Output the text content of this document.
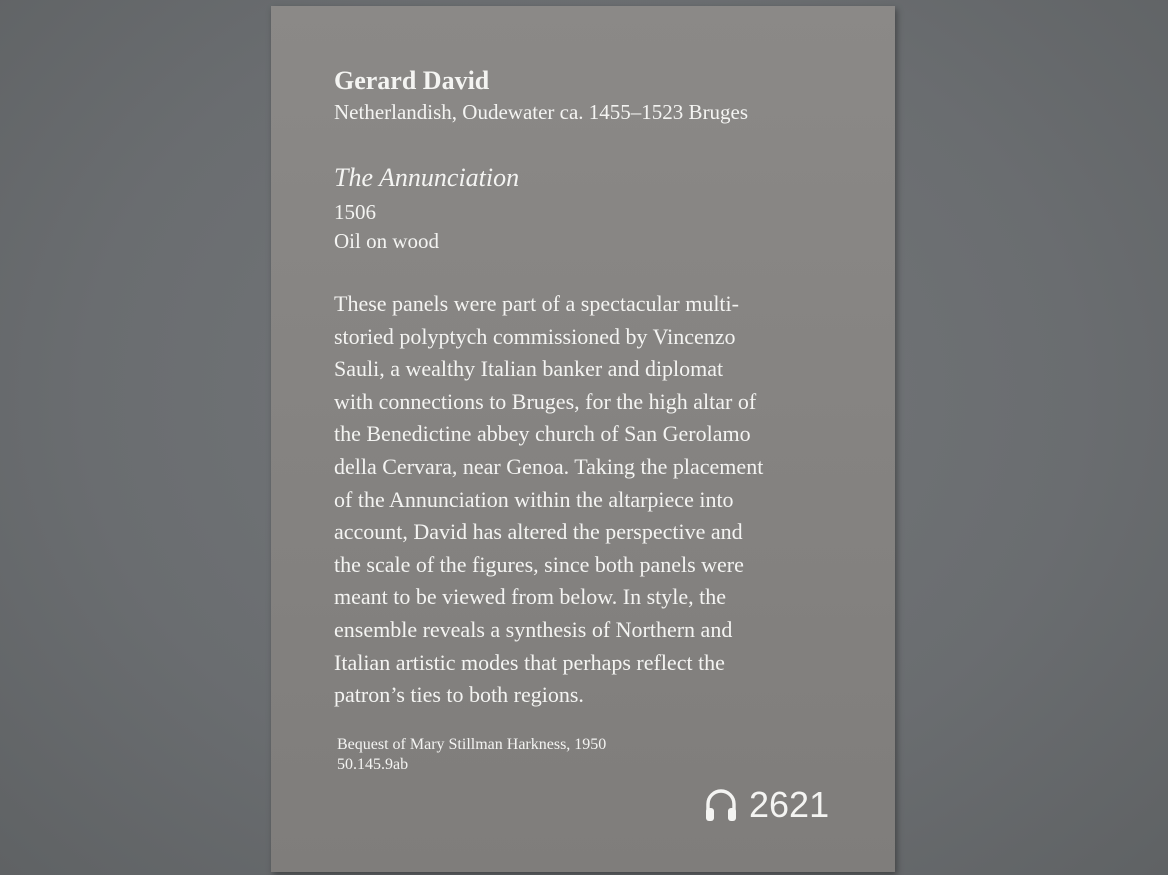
Gerard David

Netherlandish, Oudewater ca. 1455–1523 Bruges

The Annunciation

1506

Oil on wood

These panels were part of a spectacular multi-
storied polyptych commissioned by Vincenzo
Sauli, a wealthy Italian banker and diplomat
with connections to Bruges, for the high altar of
the Benedictine abbey church of San Gerolamo
della Cervara, near Genoa. Taking the placement
of the Annunciation within the altarpiece into
account, David has altered the perspective and
the scale of the figures, since both panels were
meant to be viewed from below. In style, the
ensemble reveals a synthesis of Northern and
Italian artistic modes that perhaps reflect the
patron’s ties to both regions.

Bequest of Mary Stillman Harkness, 1950

50.145.9ab

2621
